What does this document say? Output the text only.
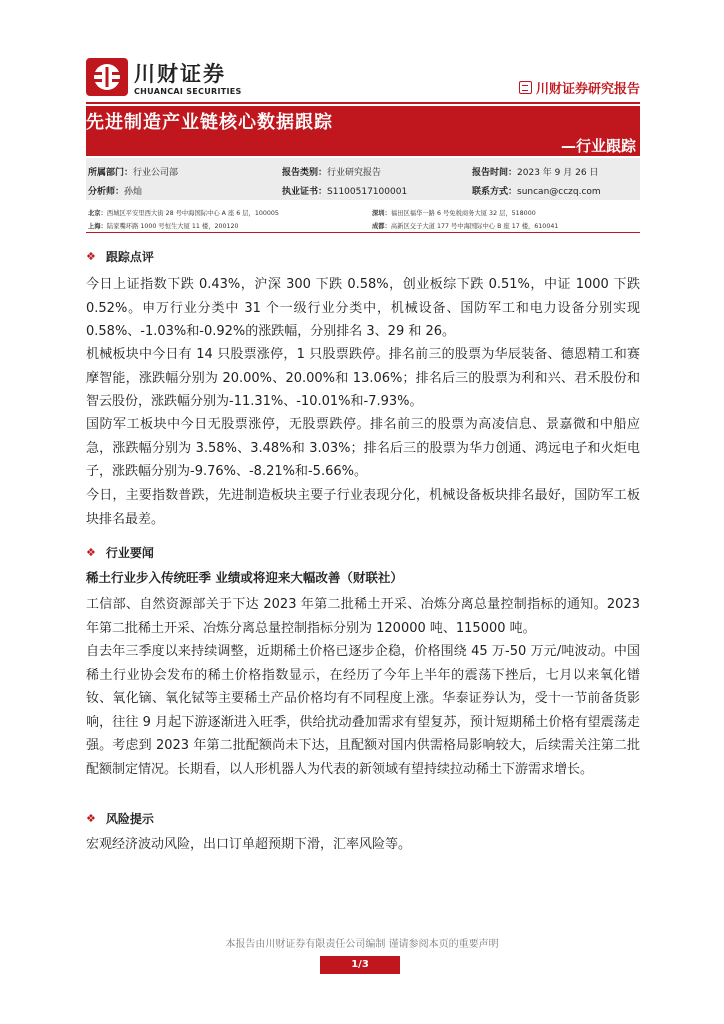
川财证券
CHUANCAI SECURITIES	川财证券研究报告
先进制造产业链核心数据跟踪
—行业跟踪
所属部门：行业公司部	报告类别：行业研究报告	报告时间：2023 年 9 月 26 日
分析师：孙灿	执业证书：S1100517100001	联系方式：suncan@cczq.com
北京：西城区平安里西大街 28 号中海国际中心 A 座 6 层，100005	深圳：福田区福华一路 6 号免税商务大厦 32 层，518000
上海：陆家嘴环路 1000 号恒生大厦 11 楼，200120	成都：高新区交子大道 177 号中海国际中心 B 座 17 楼，610041
❖ 跟踪点评
今日上证指数下跌 0.43%，沪深 300 下跌 0.58%，创业板综下跌 0.51%，中证 1000 下跌 0.52%。申万行业分类中 31 个一级行业分类中，机械设备、国防军工和电力设备分别实现 0.58%、-1.03%和-0.92%的涨跌幅，分别排名 3、29 和 26。
机械板块中今日有 14 只股票涨停，1 只股票跌停。排名前三的股票为华辰装备、德恩精工和赛摩智能，涨跌幅分别为 20.00%、20.00%和 13.06%；排名后三的股票为利和兴、君禾股份和智云股份，涨跌幅分别为-11.31%、-10.01%和-7.93%。
国防军工板块中今日无股票涨停，无股票跌停。排名前三的股票为高凌信息、景嘉微和中船应急，涨跌幅分别为 3.58%、3.48%和 3.03%；排名后三的股票为华力创通、鸿远电子和火炬电子，涨跌幅分别为-9.76%、-8.21%和-5.66%。
今日，主要指数普跌，先进制造板块主要子行业表现分化，机械设备板块排名最好，国防军工板块排名最差。
❖ 行业要闻
稀土行业步入传统旺季 业绩或将迎来大幅改善（财联社）
工信部、自然资源部关于下达 2023 年第二批稀土开采、冶炼分离总量控制指标的通知。2023 年第二批稀土开采、冶炼分离总量控制指标分别为 120000 吨、115000 吨。
自去年三季度以来持续调整，近期稀土价格已逐步企稳，价格围绕 45 万-50 万元/吨波动。中国稀土行业协会发布的稀土价格指数显示，在经历了今年上半年的震荡下挫后，七月以来氧化镨钕、氧化镝、氧化铽等主要稀土产品价格均有不同程度上涨。华泰证券认为，受十一节前备货影响，往往 9 月起下游逐渐进入旺季，供给扰动叠加需求有望复苏，预计短期稀土价格有望震荡走强。考虑到 2023 年第二批配额尚未下达，且配额对国内供需格局影响较大，后续需关注第二批配额制定情况。长期看，以人形机器人为代表的新领域有望持续拉动稀土下游需求增长。
❖ 风险提示
宏观经济波动风险，出口订单超预期下滑，汇率风险等。
本报告由川财证券有限责任公司编制 谨请参阅本页的重要声明
1/3
